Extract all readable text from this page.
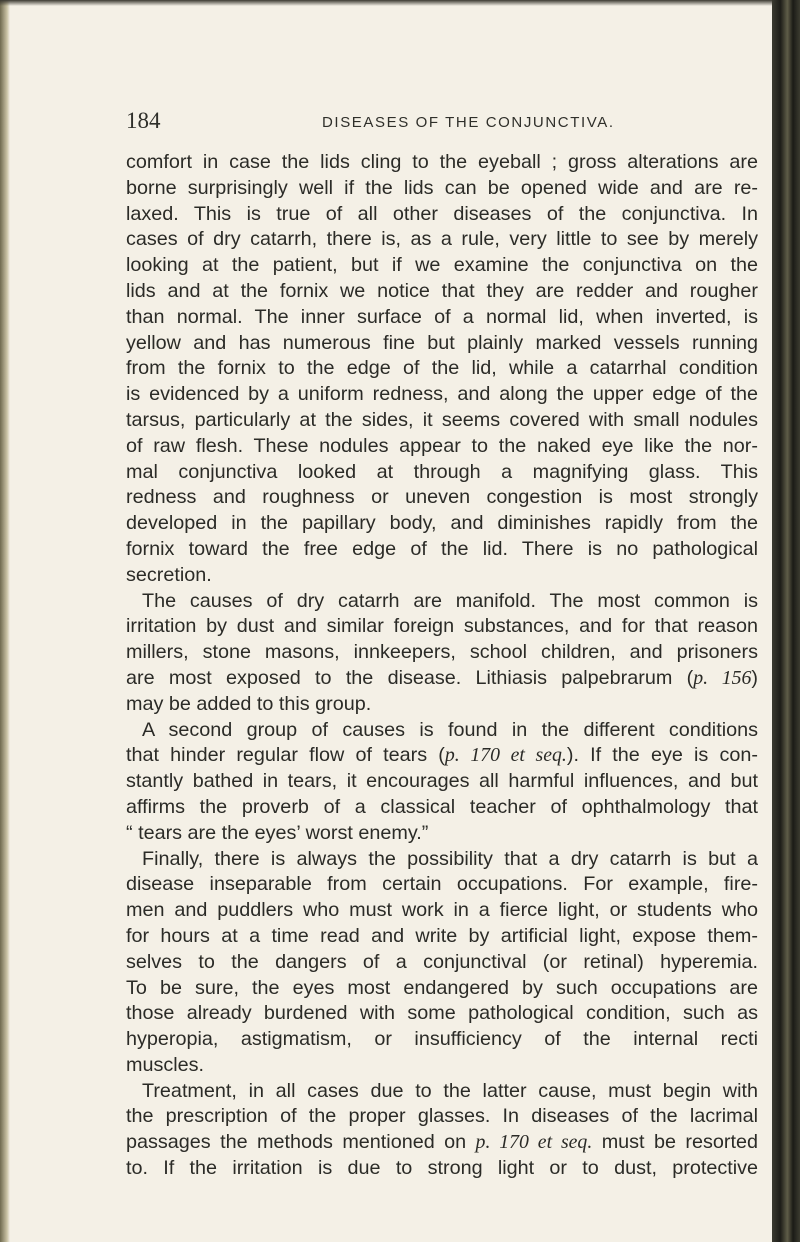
184	DISEASES OF THE CONJUNCTIVA.
comfort in case the lids cling to the eyeball ; gross alterations are
borne surprisingly well if the lids can be opened wide and are re-
laxed. This is true of all other diseases of the conjunctiva. In
cases of dry catarrh, there is, as a rule, very little to see by merely
looking at the patient, but if we examine the conjunctiva on the
lids and at the fornix we notice that they are redder and rougher
than normal. The inner surface of a normal lid, when inverted, is
yellow and has numerous fine but plainly marked vessels running
from the fornix to the edge of the lid, while a catarrhal condition
is evidenced by a uniform redness, and along the upper edge of the
tarsus, particularly at the sides, it seems covered with small nodules
of raw flesh. These nodules appear to the naked eye like the nor-
mal conjunctiva looked at through a magnifying glass. This
redness and roughness or uneven congestion is most strongly
developed in the papillary body, and diminishes rapidly from the
fornix toward the free edge of the lid. There is no pathological
secretion.
The causes of dry catarrh are manifold. The most common is
irritation by dust and similar foreign substances, and for that reason
millers, stone masons, innkeepers, school children, and prisoners
are most exposed to the disease. Lithiasis palpebrarum (p. 156)
may be added to this group.
A second group of causes is found in the different conditions
that hinder regular flow of tears (p. 170 et seq.). If the eye is con-
stantly bathed in tears, it encourages all harmful influences, and but
affirms the proverb of a classical teacher of ophthalmology that
“ tears are the eyes’ worst enemy.”
Finally, there is always the possibility that a dry catarrh is but a
disease inseparable from certain occupations. For example, fire-
men and puddlers who must work in a fierce light, or students who
for hours at a time read and write by artificial light, expose them-
selves to the dangers of a conjunctival (or retinal) hyperemia.
To be sure, the eyes most endangered by such occupations are
those already burdened with some pathological condition, such as
hyperopia, astigmatism, or insufficiency of the internal recti
muscles.
Treatment, in all cases due to the latter cause, must begin with
the prescription of the proper glasses. In diseases of the lacrimal
passages the methods mentioned on p. 170 et seq. must be resorted
to. If the irritation is due to strong light or to dust, protective
